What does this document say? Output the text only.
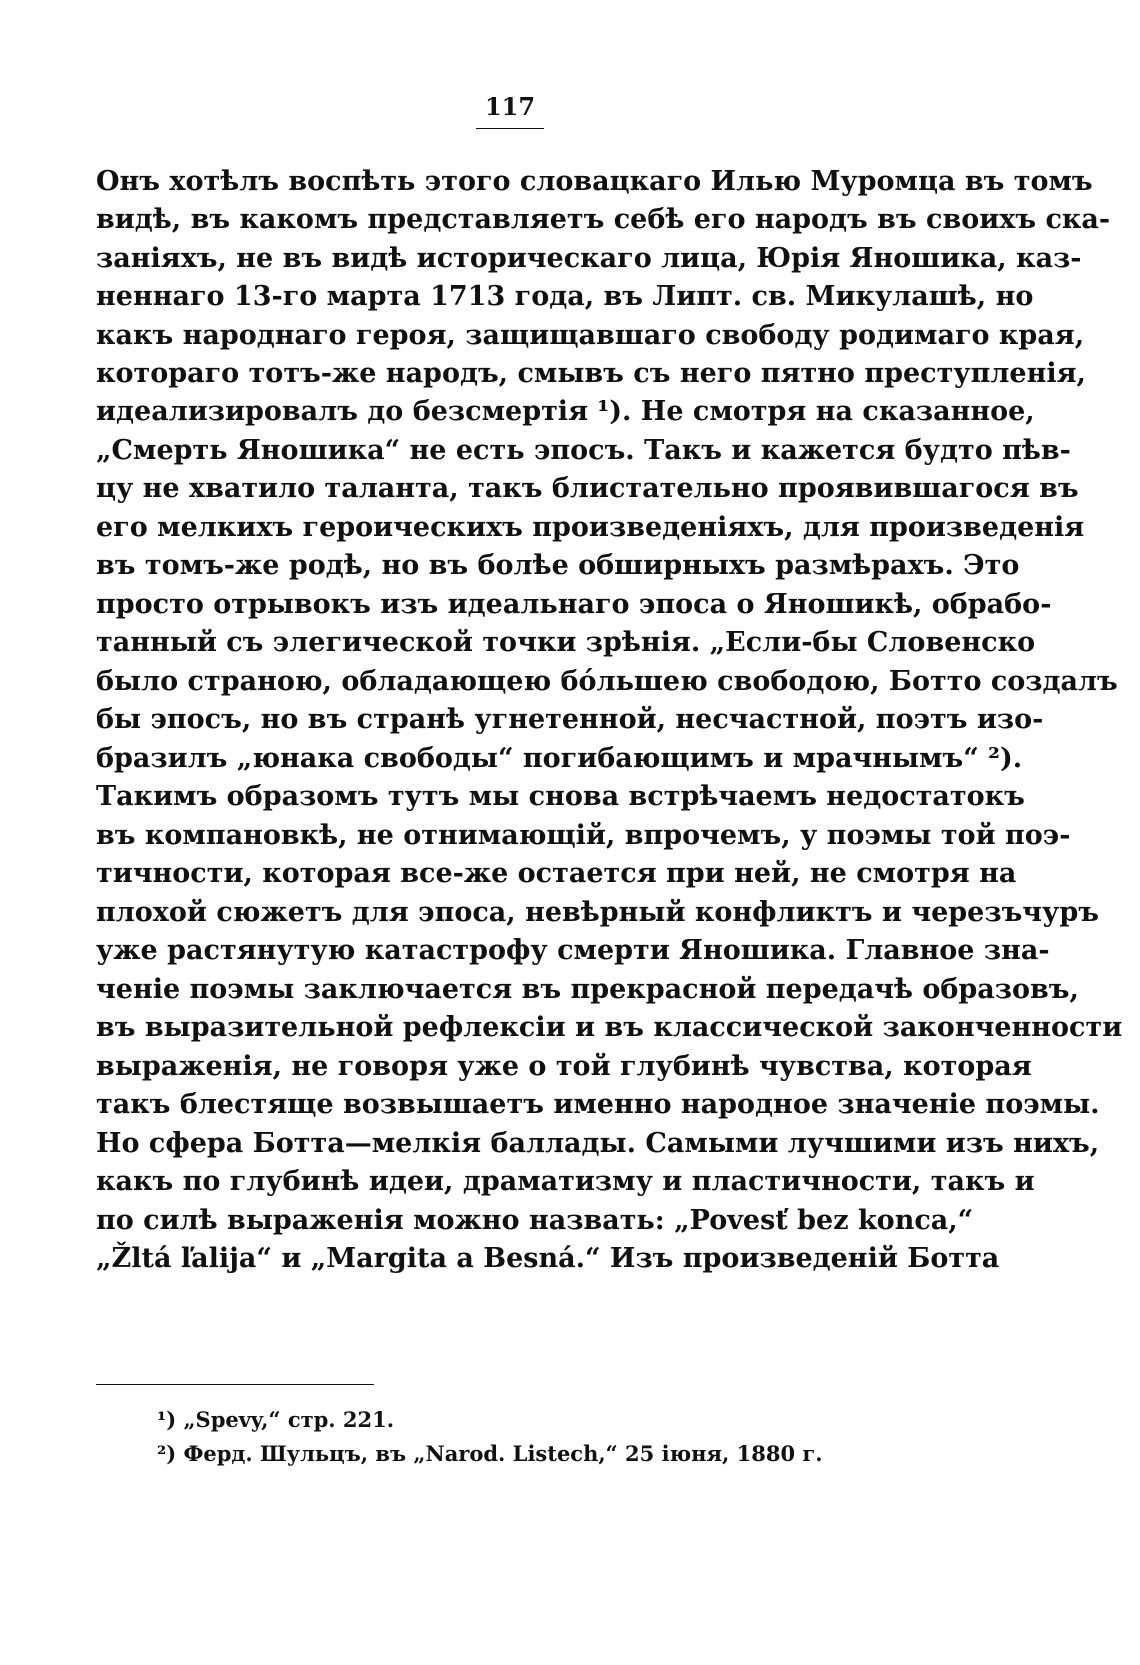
117
Онъ хотѣлъ воспѣть этого словацкаго Илью Муромца въ томъ
видѣ, въ какомъ представляетъ себѣ его народъ въ своихъ ска-
заніяхъ, не въ видѣ историческаго лица, Юрія Яношика, каз-
неннаго 13-го марта 1713 года, въ Липт. св. Микулашѣ, но
какъ народнаго героя, защищавшаго свободу родимаго края,
котораго тотъ-же народъ, смывъ съ него пятно преступленія,
идеализировалъ до безсмертія ¹). Не смотря на сказанное,
„Смерть Яношика“ не есть эпосъ. Такъ и кажется будто пѣв-
цу не хватило таланта, такъ блистательно проявившагося въ
его мелкихъ героическихъ произведеніяхъ, для произведенія
въ томъ-же родѣ, но въ болѣе обширныхъ размѣрахъ. Это
просто отрывокъ изъ идеальнаго эпоса о Яношикѣ, обрабо-
танный съ элегической точки зрѣнія. „Если-бы Словенско
было страною, обладающею бо́льшею свободою, Ботто создалъ
бы эпосъ, но въ странѣ угнетенной, несчастной, поэтъ изо-
бразилъ „юнака свободы“ погибающимъ и мрачнымъ“ ²).
Такимъ образомъ тутъ мы снова встрѣчаемъ недостатокъ
въ компановкѣ, не отнимающій, впрочемъ, у поэмы той поэ-
тичности, которая все-же остается при ней, не смотря на
плохой сюжетъ для эпоса, невѣрный конфликтъ и черезъчуръ
уже растянутую катастрофу смерти Яношика. Главное зна-
ченіе поэмы заключается въ прекрасной передачѣ образовъ,
въ выразительной рефлексіи и въ классической законченности
выраженія, не говоря уже о той глубинѣ чувства, которая
такъ блестяще возвышаетъ именно народное значеніе поэмы.
Но сфера Ботта—мелкія баллады. Самыми лучшими изъ нихъ,
какъ по глубинѣ идеи, драматизму и пластичности, такъ и
по силѣ выраженія можно назвать: „Povesť bez konca,“
„Žltá ľalija“ и „Margita a Besná.“ Изъ произведеній Ботта
¹) „Spevy,“ стр. 221.
²) Ферд. Шульцъ, въ „Narod. Listech,“ 25 іюня, 1880 г.
